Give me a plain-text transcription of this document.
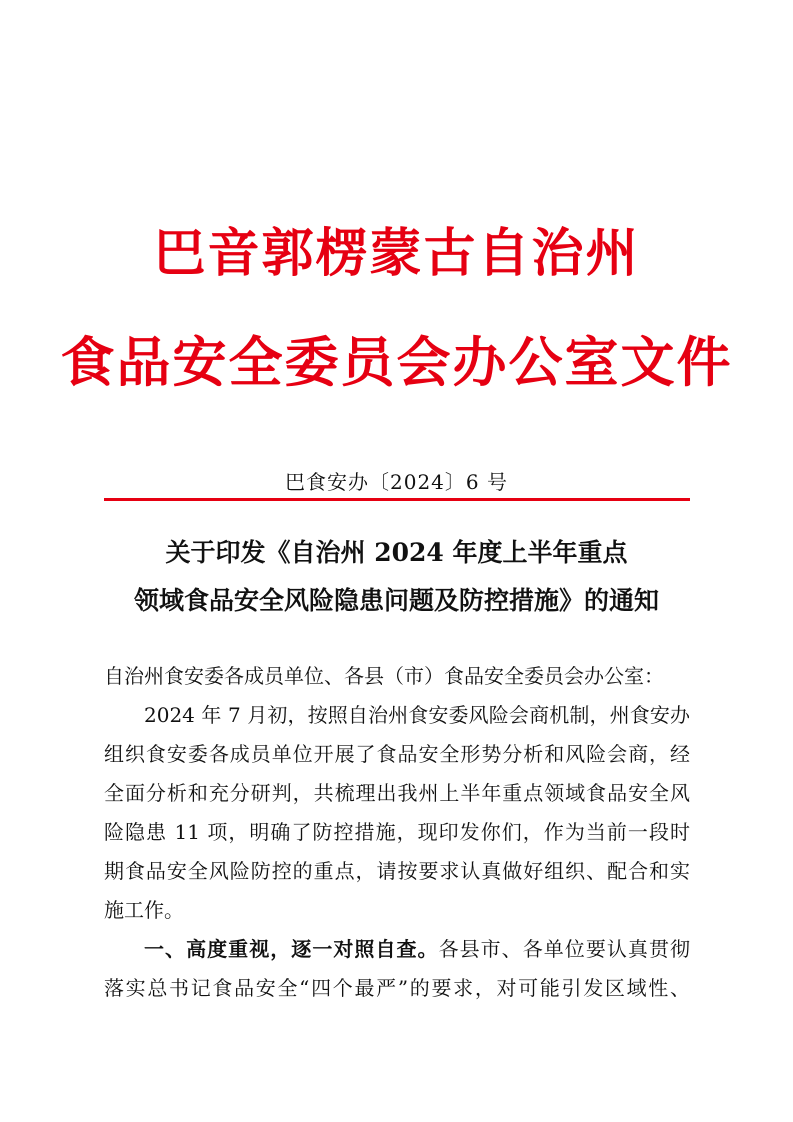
巴音郭楞蒙古自治州
食品安全委员会办公室文件
巴食安办〔2024〕6 号
关于印发《自治州 2024 年度上半年重点
领域食品安全风险隐患问题及防控措施》的通知
自治州食安委各成员单位、各县（市）食品安全委员会办公室：
2024 年 7 月初，按照自治州食安委风险会商机制，州食安办
组织食安委各成员单位开展了食品安全形势分析和风险会商，经
全面分析和充分研判，共梳理出我州上半年重点领域食品安全风
险隐患 11 项，明确了防控措施，现印发你们，作为当前一段时
期食品安全风险防控的重点，请按要求认真做好组织、配合和实
施工作。
一、高度重视，逐一对照自查。各县市、各单位要认真贯彻
落实总书记食品安全“四个最严”的要求，对可能引发区域性、
